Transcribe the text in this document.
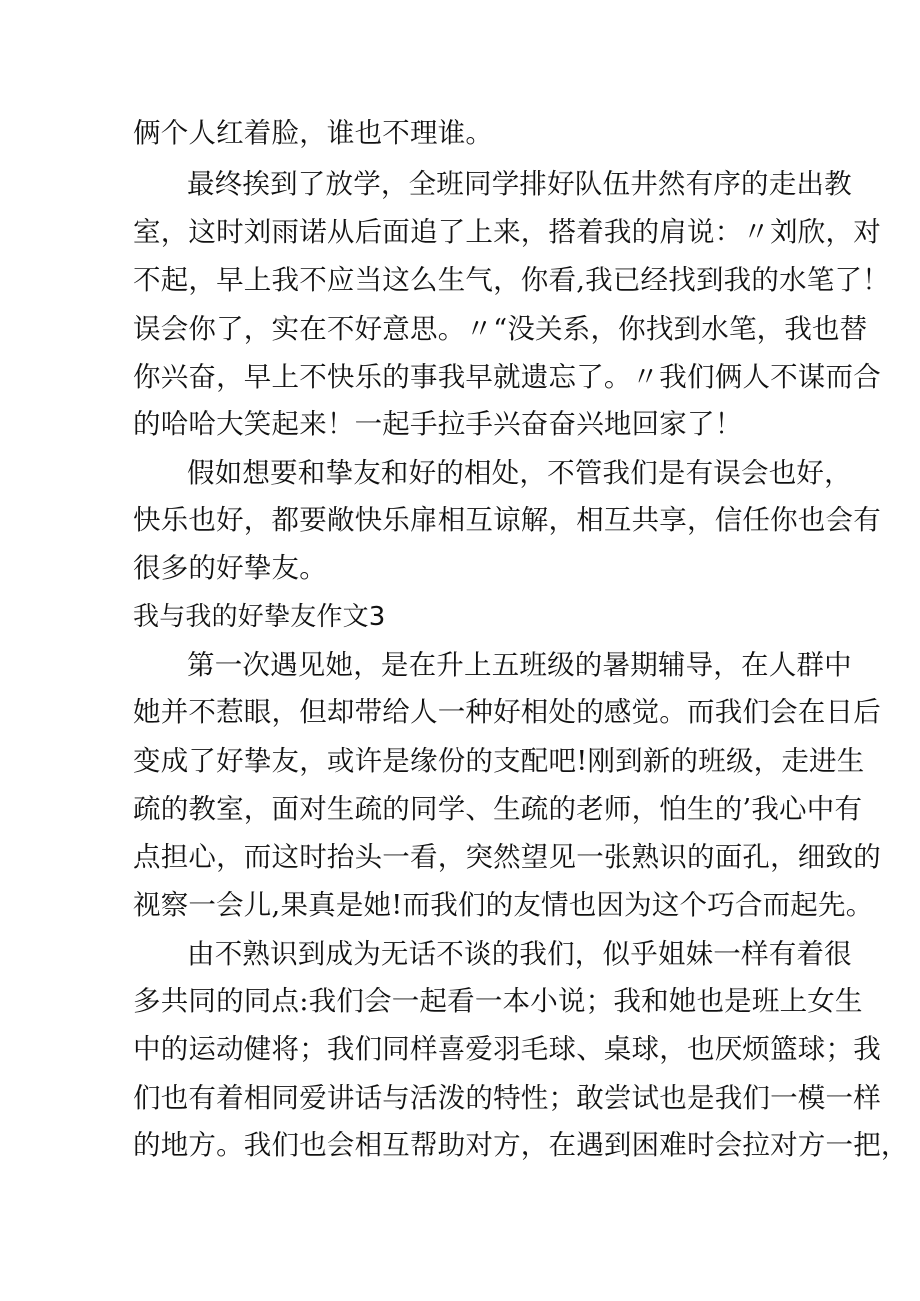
俩个人红着脸，谁也不理谁。
最终挨到了放学，全班同学排好队伍井然有序的走出教
室，这时刘雨诺从后面追了上来，搭着我的肩说：〃刘欣，对
不起，早上我不应当这么生气，你看,我已经找到我的水笔了！
误会你了，实在不好意思。〃“没关系，你找到水笔，我也替
你兴奋，早上不快乐的事我早就遗忘了。〃我们俩人不谋而合
的哈哈大笑起来！一起手拉手兴奋奋兴地回家了！
假如想要和挚友和好的相处，不管我们是有误会也好，
快乐也好，都要敞快乐扉相互谅解，相互共享，信任你也会有
很多的好挚友。
我与我的好挚友作文3
第一次遇见她，是在升上五班级的暑期辅导，在人群中
她并不惹眼，但却带给人一种好相处的感觉。而我们会在日后
变成了好挚友，或许是缘份的支配吧!刚到新的班级，走进生
疏的教室，面对生疏的同学、生疏的老师，怕生的’我心中有
点担心，而这时抬头一看，突然望见一张熟识的面孔，细致的
视察一会儿,果真是她!而我们的友情也因为这个巧合而起先。
由不熟识到成为无话不谈的我们，似乎姐妹一样有着很
多共同的同点:我们会一起看一本小说；我和她也是班上女生
中的运动健将；我们同样喜爱羽毛球、桌球，也厌烦篮球；我
们也有着相同爱讲话与活泼的特性；敢尝试也是我们一模一样
的地方。我们也会相互帮助对方，在遇到困难时会拉对方一把，
